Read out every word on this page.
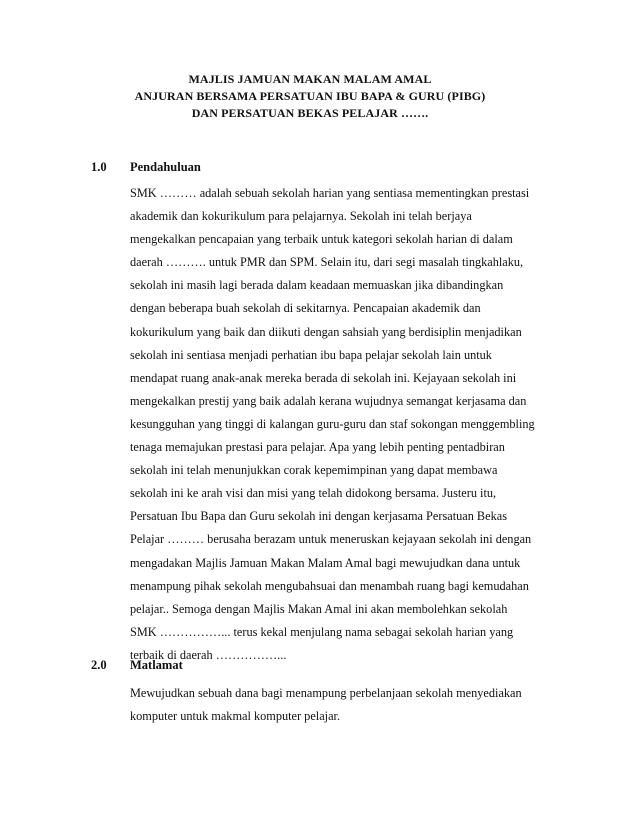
MAJLIS JAMUAN MAKAN MALAM AMAL
ANJURAN BERSAMA PERSATUAN IBU BAPA & GURU (PIBG)
DAN PERSATUAN BEKAS PELAJAR …….
1.0 Pendahuluan
SMK ……… adalah sebuah sekolah harian yang sentiasa mementingkan prestasi
akademik dan kokurikulum para pelajarnya. Sekolah ini telah berjaya
mengekalkan pencapaian yang terbaik untuk kategori sekolah harian di dalam
daerah ………. untuk PMR dan SPM. Selain itu, dari segi masalah tingkahlaku,
sekolah ini masih lagi berada dalam keadaan memuaskan jika dibandingkan
dengan beberapa buah sekolah di sekitarnya. Pencapaian akademik dan
kokurikulum yang baik dan diikuti dengan sahsiah yang berdisiplin menjadikan
sekolah ini sentiasa menjadi perhatian ibu bapa pelajar sekolah lain untuk
mendapat ruang anak-anak mereka berada di sekolah ini. Kejayaan sekolah ini
mengekalkan prestij yang baik adalah kerana wujudnya semangat kerjasama dan
kesungguhan yang tinggi di kalangan guru-guru dan staf sokongan menggembling
tenaga memajukan prestasi para pelajar. Apa yang lebih penting pentadbiran
sekolah ini telah menunjukkan corak kepemimpinan yang dapat membawa
sekolah ini ke arah visi dan misi yang telah didokong bersama. Justeru itu,
Persatuan Ibu Bapa dan Guru sekolah ini dengan kerjasama Persatuan Bekas
Pelajar ……… berusaha berazam untuk meneruskan kejayaan sekolah ini dengan
mengadakan Majlis Jamuan Makan Malam Amal bagi mewujudkan dana untuk
menampung pihak sekolah mengubahsuai dan menambah ruang bagi kemudahan
pelajar.. Semoga dengan Majlis Makan Amal ini akan membolehkan sekolah
SMK ……………... terus kekal menjulang nama sebagai sekolah harian yang
terbaik di daerah ……………...
2.0 Matlamat
Mewujudkan sebuah dana bagi menampung perbelanjaan sekolah menyediakan
komputer untuk makmal komputer pelajar.
